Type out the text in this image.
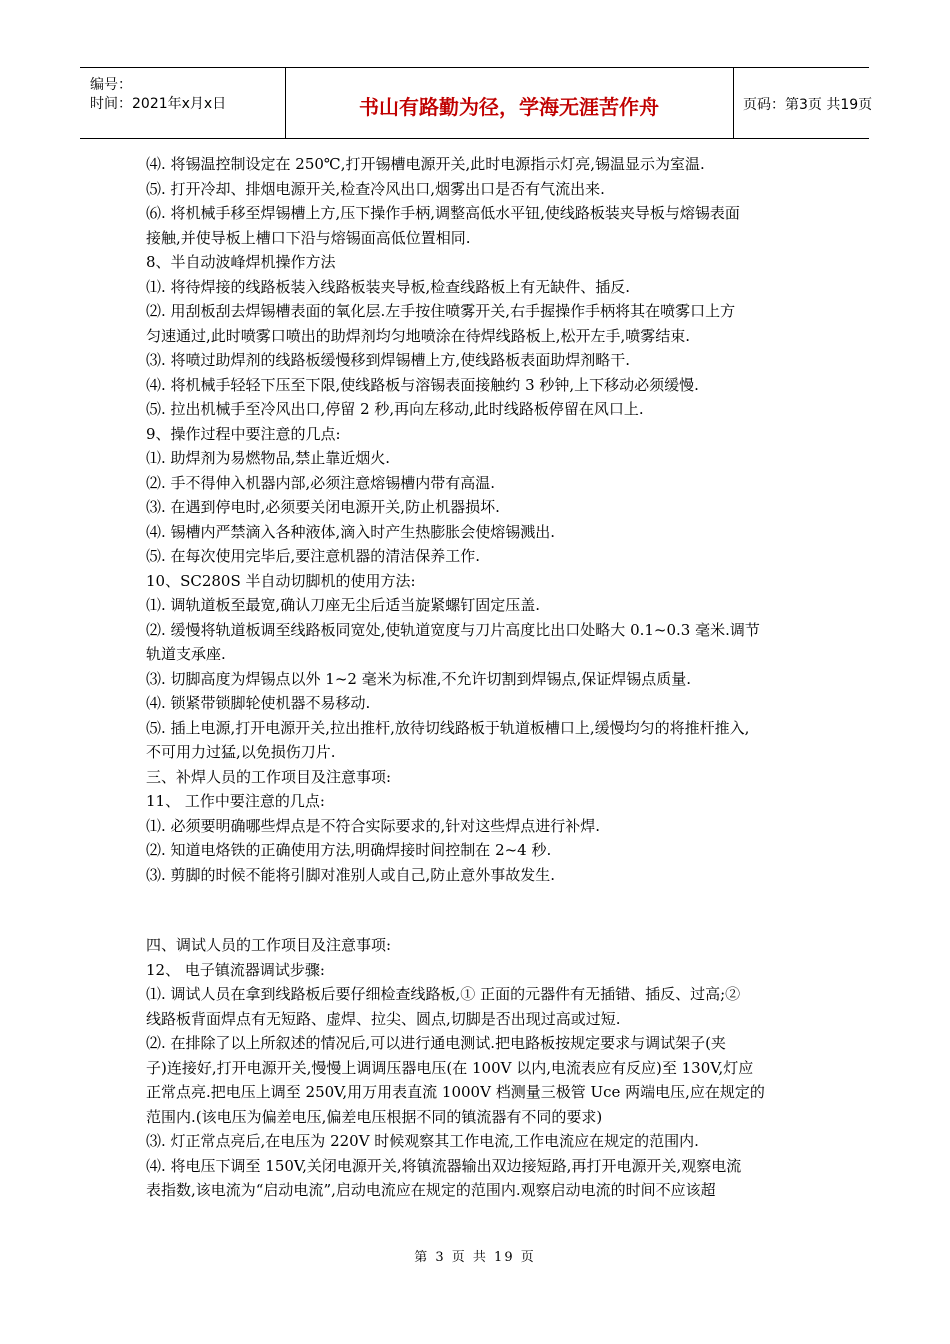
编号：
时间：2021年x月x日	书山有路勤为径，学海无涯苦作舟	页码：第3页 共19页
⑷. 将锡温控制设定在 250℃,打开锡槽电源开关,此时电源指示灯亮,锡温显示为室温.
⑸. 打开冷却、排烟电源开关,检查冷风出口,烟雾出口是否有气流出来.
⑹. 将机械手移至焊锡槽上方,压下操作手柄,调整高低水平钮,使线路板装夹导板与熔锡表面
接触,并使导板上槽口下沿与熔锡面高低位置相同.
8、半自动波峰焊机操作方法
⑴. 将待焊接的线路板装入线路板装夹导板,检查线路板上有无缺件、插反.
⑵. 用刮板刮去焊锡槽表面的氧化层.左手按住喷雾开关,右手握操作手柄将其在喷雾口上方
匀速通过,此时喷雾口喷出的助焊剂均匀地喷涂在待焊线路板上,松开左手,喷雾结束.
⑶. 将喷过助焊剂的线路板缓慢移到焊锡槽上方,使线路板表面助焊剂略干.
⑷. 将机械手轻轻下压至下限,使线路板与溶锡表面接触约 3 秒钟,上下移动必须缓慢.
⑸. 拉出机械手至冷风出口,停留 2 秒,再向左移动,此时线路板停留在风口上.
9、操作过程中要注意的几点:
⑴. 助焊剂为易燃物品,禁止靠近烟火.
⑵. 手不得伸入机器内部,必须注意熔锡槽内带有高温.
⑶. 在遇到停电时,必须要关闭电源开关,防止机器损坏.
⑷. 锡槽内严禁滴入各种液体,滴入时产生热膨胀会使熔锡溅出.
⑸. 在每次使用完毕后,要注意机器的清洁保养工作.
10、SC280S 半自动切脚机的使用方法:
⑴. 调轨道板至最宽,确认刀座无尘后适当旋紧螺钉固定压盖.
⑵. 缓慢将轨道板调至线路板同宽处,使轨道宽度与刀片高度比出口处略大 0.1~0.3 毫米.调节
轨道支承座.
⑶. 切脚高度为焊锡点以外 1~2 毫米为标准,不允许切割到焊锡点,保证焊锡点质量.
⑷. 锁紧带锁脚轮使机器不易移动.
⑸. 插上电源,打开电源开关,拉出推杆,放待切线路板于轨道板槽口上,缓慢均匀的将推杆推入,
不可用力过猛,以免损伤刀片.
三、补焊人员的工作项目及注意事项:
11、 工作中要注意的几点:
⑴. 必须要明确哪些焊点是不符合实际要求的,针对这些焊点进行补焊.
⑵. 知道电烙铁的正确使用方法,明确焊接时间控制在 2~4 秒.
⑶. 剪脚的时候不能将引脚对准别人或自己,防止意外事故发生.
四、调试人员的工作项目及注意事项:
12、 电子镇流器调试步骤:
⑴. 调试人员在拿到线路板后要仔细检查线路板,① 正面的元器件有无插错、插反、过高;②
线路板背面焊点有无短路、虚焊、拉尖、圆点,切脚是否出现过高或过短.
⑵. 在排除了以上所叙述的情况后,可以进行通电测试.把电路板按规定要求与调试架子(夹
子)连接好,打开电源开关,慢慢上调调压器电压(在 100V 以内,电流表应有反应)至 130V,灯应
正常点亮.把电压上调至 250V,用万用表直流 1000V 档测量三极管 Uce 两端电压,应在规定的
范围内.(该电压为偏差电压,偏差电压根据不同的镇流器有不同的要求)
⑶. 灯正常点亮后,在电压为 220V 时候观察其工作电流,工作电流应在规定的范围内.
⑷. 将电压下调至 150V,关闭电源开关,将镇流器输出双边接短路,再打开电源开关,观察电流
表指数,该电流为“启动电流”,启动电流应在规定的范围内.观察启动电流的时间不应该超
第 3 页 共 19 页
